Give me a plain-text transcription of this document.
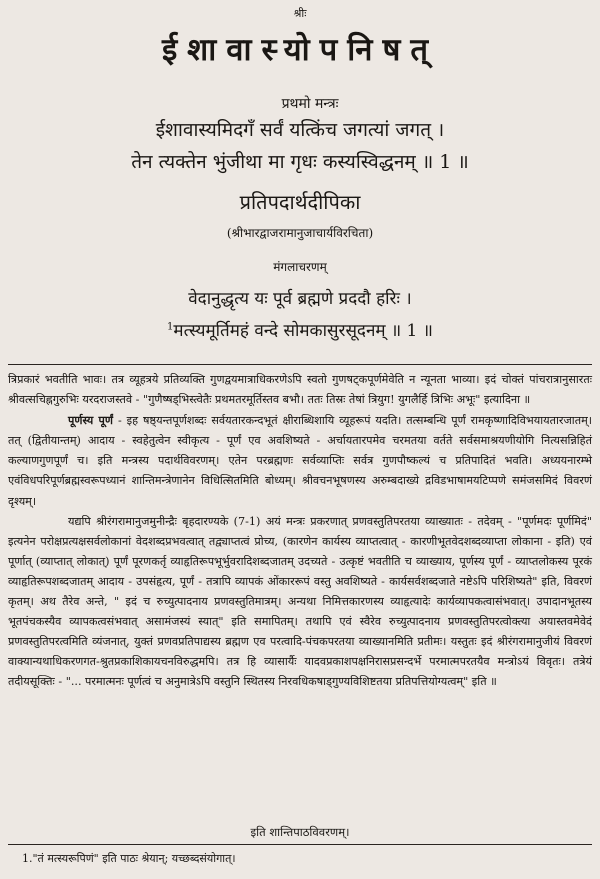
श्रीः
ईशावास्योपनिषत्
प्रथमो मन्त्रः
ईशावास्यमिदगँ सर्वं यत्किंच जगत्यां जगत् ।
तेन त्यक्तेन भुंजीथा मा गृधः कस्यस्विद्धनम् ॥ 1 ॥
प्रतिपदार्थदीपिका
(श्रीभारद्वाजरामानुजाचार्यविरचिता)
मंगलाचरणम्
वेदानुद्धृत्य यः पूर्व ब्रह्मणे प्रददौ हरिः ।
$^1$मत्स्यमूर्तिमहं वन्दे सोमकासुरसूदनम् ॥ 1 ॥

त्रिप्रकारं भवतीति भावः। तत्र व्यूहत्रये प्रतिव्यक्ति गुणद्वयमात्राधिकरणेऽपि स्वतो गुणषट्कपूर्णमेवेति न न्यूनता भाव्या। इदं चोक्तं पांचरात्रानुसारतः श्रीवत्सचिह्नगुरुभिः यरदराजस्तवे - "गुणैष्षड्भिस्त्वेतैः प्रथमतरमूर्तिस्तव बभौ। ततः तिस्रः तेषां त्रियुग! युगलैर्हि त्रिभिः अभूः" इत्यादिना ॥

पूर्णस्य पूर्णं - इह षष्ठ्यन्तपूर्णशब्दः सर्वयतारकन्दभूतं क्षीराब्धिशायि व्यूहरूपं यदति। तत्सम्बन्धि पूर्णं रामकृष्णादिविभयायतारजातम्। तत् (द्वितीयान्तम्) आदाय - स्वहेतुत्वेन स्वीकृत्य - पूर्णं एव अवशिष्यते - अर्चायतारपमेव चरमतया वर्तते सर्वसमाश्रयणीयोगि नित्यसन्निहितं कल्याणगुणपूर्णं च। इति मन्त्रस्य पदार्थविवरणम्। एतेन परब्रह्मणः सर्वव्याप्तिः सर्वत्र गुणपौष्कल्यं च प्रतिपादितं भवति। अध्ययनारम्भे एवंविधपरिपूर्णब्रह्मस्वरूपध्यानं शान्तिमन्त्रेणानेन विधित्सितमिति बोध्यम्। श्रीवचनभूषणस्य अरुम्बदाख्ये द्रविडभाषामयटिप्पणे समंजसमिदं विवरणं दृश्यम्।

यद्यपि श्रीरंगरामानुजमुनीन्द्रैः बृहदारण्यके (7-1) अयं मन्त्रः प्रकरणात् प्रणवस्तुतिपरतया व्याख्यातः - तदेवम् - "पूर्णमदः पूर्णमिदं" इत्यनेन परोक्षप्रत्यक्षसर्वलोकानां वेदशब्दप्रभवत्वात् तद्व्याप्तत्वं प्रोच्य, (कारणेन कार्यस्य व्याप्तत्वात् - कारणीभूतवेदशब्दव्याप्ता लोकाना - इति) एवं पूर्णात् (व्याप्तात् लोकात्) पूर्णं पूरणकर्तृ व्याहृतिरूपभूर्भुवरादिशब्दजातम् उदच्यते - उत्कृष्टं भवतीति च व्याख्याय, पूर्णस्य पूर्णं - व्याप्तलोकस्य पूरकं व्याहृतिरूपशब्दजातम् आदाय - उपसंहृत्य, पूर्णं - तत्रापि व्यापकं ओंकाररूपं वस्तु अवशिष्यते - कार्यसर्वशब्दजाते नष्टेऽपि परिशिष्यते" इति, विवरणं कृतम्। अथ तैरेव अन्ते, " इदं च रुच्युत्पादनाय प्रणवस्तुतिमात्रम्। अन्यथा निमित्तकारणस्य व्याहृत्यादेः कार्यव्यापकत्वासंभवात्। उपादानभूतस्य भूतपंचकस्यैव व्यापकत्वसंभवात् असामंजस्यं स्यात्" इति समापितम्। तथापि एवं स्वैरेव रुच्युत्पादनाय प्रणवस्तुतिपरत्वोक्त्या अयास्तवमेवेदं प्रणवस्तुतिपरत्वमिति व्यंजनात्, युक्तं प्रणवप्रतिपाद्यस्य ब्रह्मण एव परत्वादि-पंचकपरतया व्याख्यानमिति प्रतीमः। यस्तुतः इदं श्रीरंगरामानुजीयं विवरणं वाक्यान्यथाधिकरणगत-श्रुतप्रकाशिकायचनविरुद्धमपि। तत्र हि व्यासार्यैः यादवप्रकाशपक्षनिरासप्रसन्दर्भे परमात्मपरतयैव मन्त्रोऽयं विवृतः। तत्रेयं तदीयसूक्तिः - "... परमात्मनः पूर्णत्वं च अनुमात्रेऽपि वस्तुनि स्थितस्य निरवधिकषाड्गुण्यविशिष्टतया प्रतिपत्तियोग्यत्वम्" इति ॥

इति शान्तिपाठविवरणम्।
1."तं मत्स्यरूपिणं" इति पाठः श्रेयान्; यच्छब्दसंयोगात्।
